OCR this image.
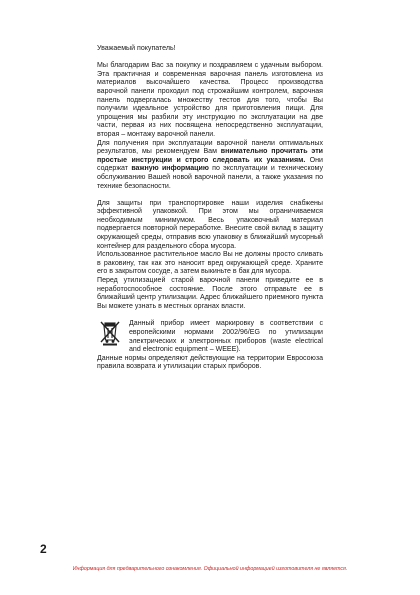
Уважаемый покупатель!

Мы благодарим Вас за покупку и поздравляем с удачным выбором. Эта практичная и современная варочная панель изготовлена из материалов высочайшего качества. Процесс производства варочной панели проходил под строжайшим контролем, варочная панель подвергалась множеству тестов для того, чтобы Вы получили идеальное устройство для приготовления пищи. Для упрощения мы разбили эту инструкцию по эксплуатации на две части, первая из них посвящена непосредственно эксплуатации, вторая – монтажу варочной панели.

Для получения при эксплуатации варочной панели оптимальных результатов, мы рекомендуем Вам внимательно прочитать эти простые инструкции и строго следовать их указаниям. Они содержат важную информацию по эксплуатации и техническому обслуживанию Вашей новой варочной панели, а также указания по технике безопасности.

Для защиты при транспортировке наши изделия снабжены эффективной упаковкой. При этом мы ограничиваемся необходимым минимумом. Весь упаковочный материал подвергается повторной переработке. Внесите свой вклад в защиту окружающей среды, отправив всю упаковку в ближайший мусорный контейнер для раздельного сбора мусора.

Использованное растительное масло Вы не должны просто сливать в раковину, так как это наносит вред окружающей среде. Храните его в закрытом сосуде, а затем выкиньте в бак для мусора.

Перед утилизацией старой варочной панели приведите ее в неработоспособное состояние. После этого отправьте ее в ближайший центр утилизации. Адрес ближайшего приемного пункта Вы можете узнать в местных органах власти.

Данный прибор имеет маркировку в соответствии с европейскими нормами 2002/96/EG по утилизации электрических и электронных приборов (waste electrical and electronic equipment – WEEE).

Данные нормы определяют действующие на территории Евросоюза правила возврата и утилизации старых приборов.

2
Информация для предварительного ознакомления. Официальной информацией изготовителя не является.
